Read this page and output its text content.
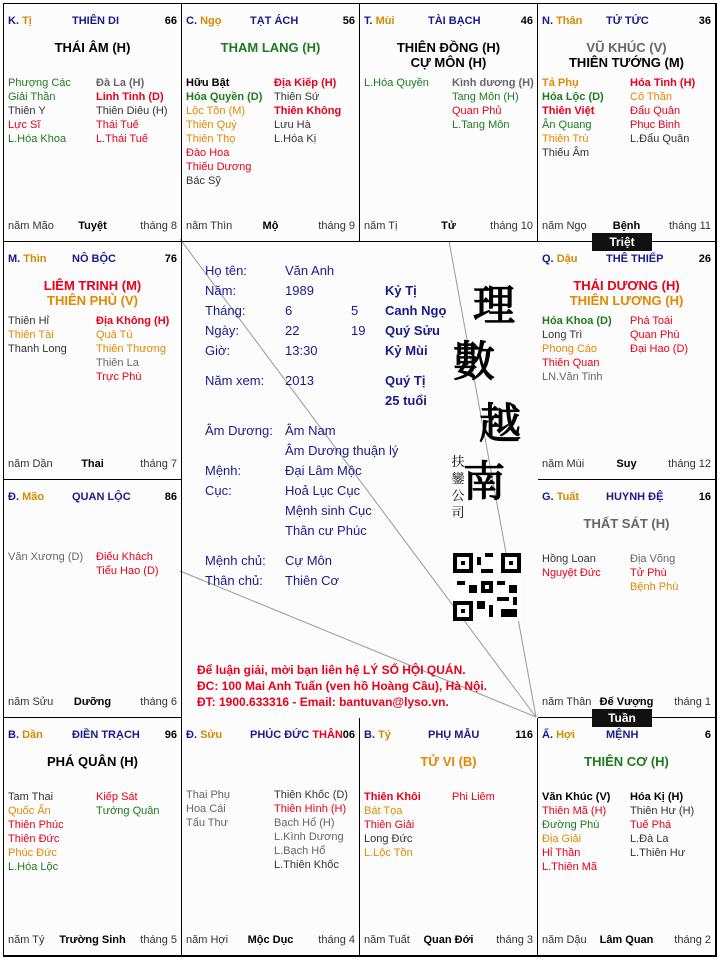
K. Tị	THIÊN DI	66
THÁI ÂM (H)
Phượng Các
Giải Thần
Thiên Y
Lực Sĩ
L.Hóa Khoa
Đà La (H)
Linh Tinh (D)
Thiên Diêu (H)
Thái Tuế
L.Thái Tuế
năm Mão	Tuyệt	tháng 8
C. Ngọ	TẠT ÁCH	56
THAM LANG (H)
Hữu Bật
Hóa Quyền (D)
Lộc Tồn (M)
Thiên Quý
Thiên Thọ
Đào Hoa
Thiếu Dương
Bác Sỹ
Địa Kiếp (H)
Thiên Sứ
Thiên Không
Lưu Hà
L.Hóa Kị
năm Thìn	Mộ	tháng 9
T. Mùi	TÀI BẠCH	46
THIÊN ĐỒNG (H)
CỰ MÔN (H)
L.Hóa Quyền	Kình dương (H)
Tang Môn (H)
Quan Phủ
L.Tang Môn
năm Tị	Tử	tháng 10
N. Thân TỬ TỨC	36
VŨ KHÚC (V)
THIÊN TƯỚNG (M)
Tả Phụ
Hóa Lộc (D)
Thiên Việt
Ân Quang
Thiên Trù
Thiếu Âm
Hóa Tinh (H)
Cô Thần
Đẩu Quân
Phục Binh
L.Đẩu Quân
năm Ngọ	Bệnh	tháng 11
M. Thìn NÔ BỘC	76
LIÊM TRINH (M)
THIÊN PHỦ (V)
Thiên Hỉ
Thiên Tài
Thanh Long
Địa Không (H)
Quả Tú
Thiên Thương
Thiên La
Trực Phù
năm Dần	Thai	tháng 7
Q. Dậu	THÊ THIẾP	26
THÁI DƯƠNG (H)
THIÊN LƯƠNG (H)
Hóa Khoa (D)
Long Trì
Phong Cáo
Thiên Quan
LN.Văn Tinh
Phá Toái
Quan Phù
Đại Hao (D)
năm Mùi	Suy	tháng 12
Đ. Mão	QUAN LỘC	86
Văn Xương (D)	Điếu Khách
Tiểu Hao (D)
năm Sửu	Dưỡng	tháng 6
G. Tuất HUYNH ĐỆ	16
THẤT SÁT (H)
Hồng Loan
Nguyệt Đức
Địa Võng
Tử Phù
Bệnh Phù
năm Thân Đế Vượng	tháng 1
B. Dần	ĐIỀN TRẠCH 96
PHÁ QUÂN (H)
Tam Thai
Quốc Ấn
Thiên Phúc
Thiên Đức
Phúc Đức
L.Hóa Lộc
Kiếp Sát
Tướng Quân
năm Tý	Trường Sinh	tháng 5
Đ. Sửu	PHÚC ĐỨC THÂN 06
Thai Phụ
Hoa Cái
Tấu Thư
Thiên Khốc (D)
Thiên Hình (H)
Bạch Hổ (H)
L.Kình Dương
L.Bạch Hổ
L.Thiên Khốc
năm Hợi	Mộc Dục	tháng 4
B. Tý	PHỤ MẪU	116
TỬ VI (B)
Thiên Khôi
Bát Tọa
Thiên Giải
Long Đức
L.Lộc Tồn
Phi Liêm
năm Tuất	Quan Đới	tháng 3
Ấ. Hợi	MỆNH	6
THIÊN CƠ (H)
Văn Khúc (V)
Thiên Mã (H)
Đường Phù
Địa Giải
Hỉ Thần
L.Thiên Mã
Hóa Kị (H)
Thiên Hư (H)
Tuế Phá
L.Đà La
L.Thiên Hư
năm Dậu	Lâm Quan	tháng 2
Họ tên:	Văn Anh
Năm:	1989	Kỷ Tị
Tháng:	6	5 Canh Ngọ
Ngày:	22	19 Quý Sửu
Giờ:	13:30	Kỷ Mùi
Năm xem: 2013	Quý Tị
25 tuổi
Âm Dương: Âm Nam
Âm Dương thuận lý
Mệnh:	Đại Lâm Mộc
Cục:	Hoả Lục Cục
Mệnh sinh Cục
Thân cư Phúc
Mệnh chủ: Cự Môn
Thân chủ: Thiên Cơ
理
數
越
南
扶鑾公司
Để luận giải, mời bạn liên hệ LÝ SỐ HỘI QUÁN.
ĐC: 100 Mai Anh Tuấn (ven hồ Hoàng Cầu), Hà Nội.
ĐT: 1900.633316 - Email: bantuvan@lyso.vn.
Triệt
Tuần
